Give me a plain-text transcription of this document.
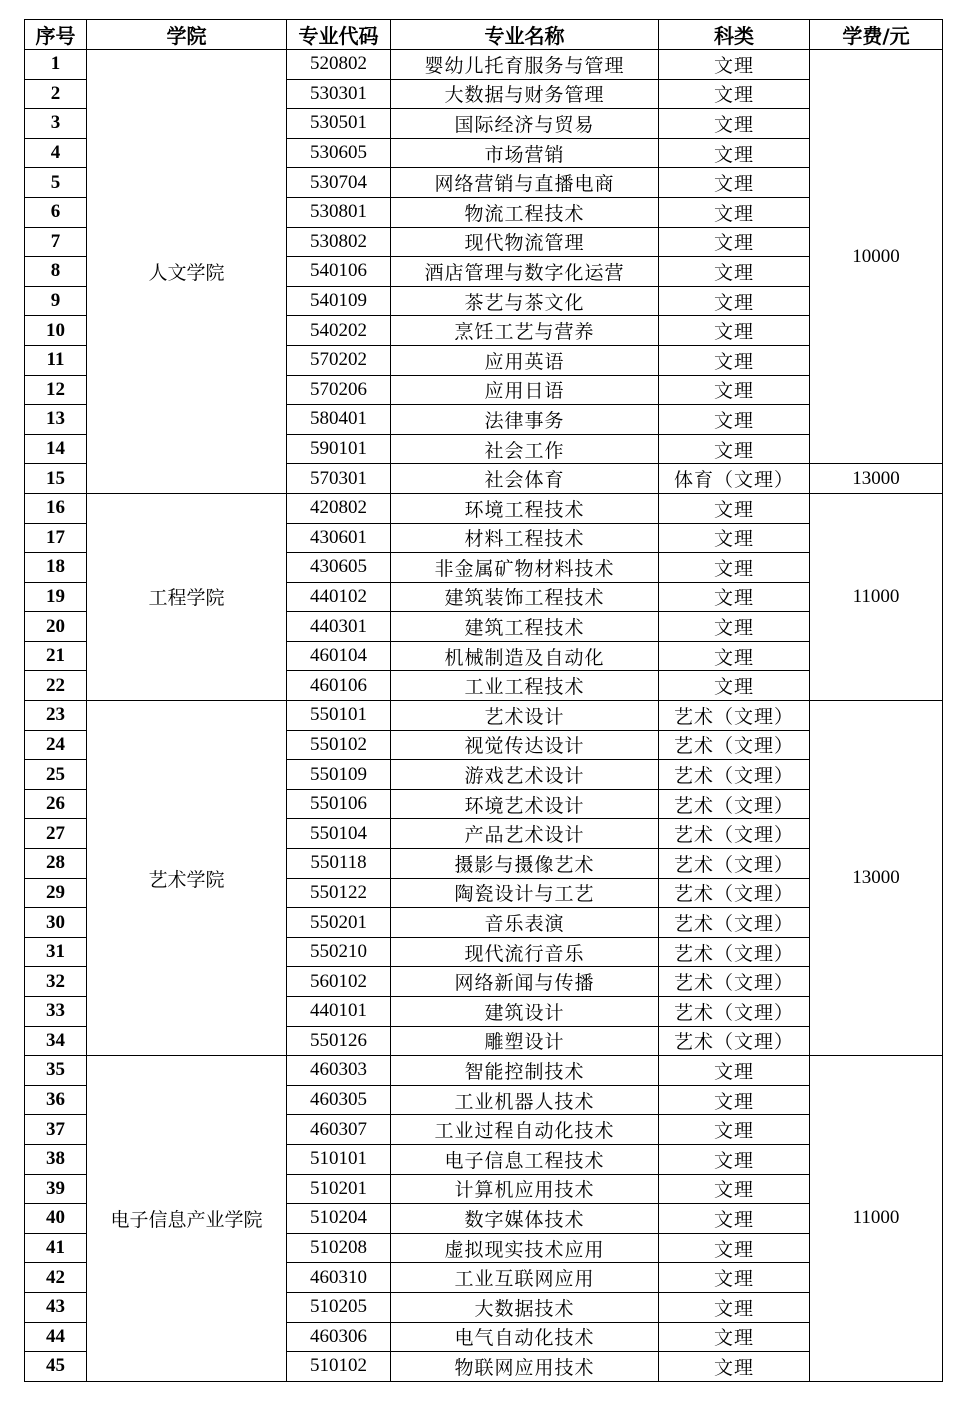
序号	学院	专业代码	专业名称	科类	学费/元
1	人文学院	520802	婴幼儿托育服务与管理	文理	10000
2		530301	大数据与财务管理	文理	
3		530501	国际经济与贸易	文理	
4		530605	市场营销	文理	
5		530704	网络营销与直播电商	文理	
6		530801	物流工程技术	文理	
7		530802	现代物流管理	文理	
8		540106	酒店管理与数字化运营	文理	
9		540109	茶艺与茶文化	文理	
10		540202	烹饪工艺与营养	文理	
11		570202	应用英语	文理	
12		570206	应用日语	文理	
13		580401	法律事务	文理	
14		590101	社会工作	文理	
15		570301	社会体育	体育（文理）	13000
16	工程学院	420802	环境工程技术	文理	11000
17		430601	材料工程技术	文理	
18		430605	非金属矿物材料技术	文理	
19		440102	建筑装饰工程技术	文理	
20		440301	建筑工程技术	文理	
21		460104	机械制造及自动化	文理	
22		460106	工业工程技术	文理	
23	艺术学院	550101	艺术设计	艺术（文理）	13000
24		550102	视觉传达设计	艺术（文理）	
25		550109	游戏艺术设计	艺术（文理）	
26		550106	环境艺术设计	艺术（文理）	
27		550104	产品艺术设计	艺术（文理）	
28		550118	摄影与摄像艺术	艺术（文理）	
29		550122	陶瓷设计与工艺	艺术（文理）	
30		550201	音乐表演	艺术（文理）	
31		550210	现代流行音乐	艺术（文理）	
32		560102	网络新闻与传播	艺术（文理）	
33		440101	建筑设计	艺术（文理）	
34		550126	雕塑设计	艺术（文理）	
35	电子信息产业学院	460303	智能控制技术	文理	11000
36		460305	工业机器人技术	文理	
37		460307	工业过程自动化技术	文理	
38		510101	电子信息工程技术	文理	
39		510201	计算机应用技术	文理	
40		510204	数字媒体技术	文理	
41		510208	虚拟现实技术应用	文理	
42		460310	工业互联网应用	文理	
43		510205	大数据技术	文理	
44		460306	电气自动化技术	文理	
45		510102	物联网应用技术	文理	
